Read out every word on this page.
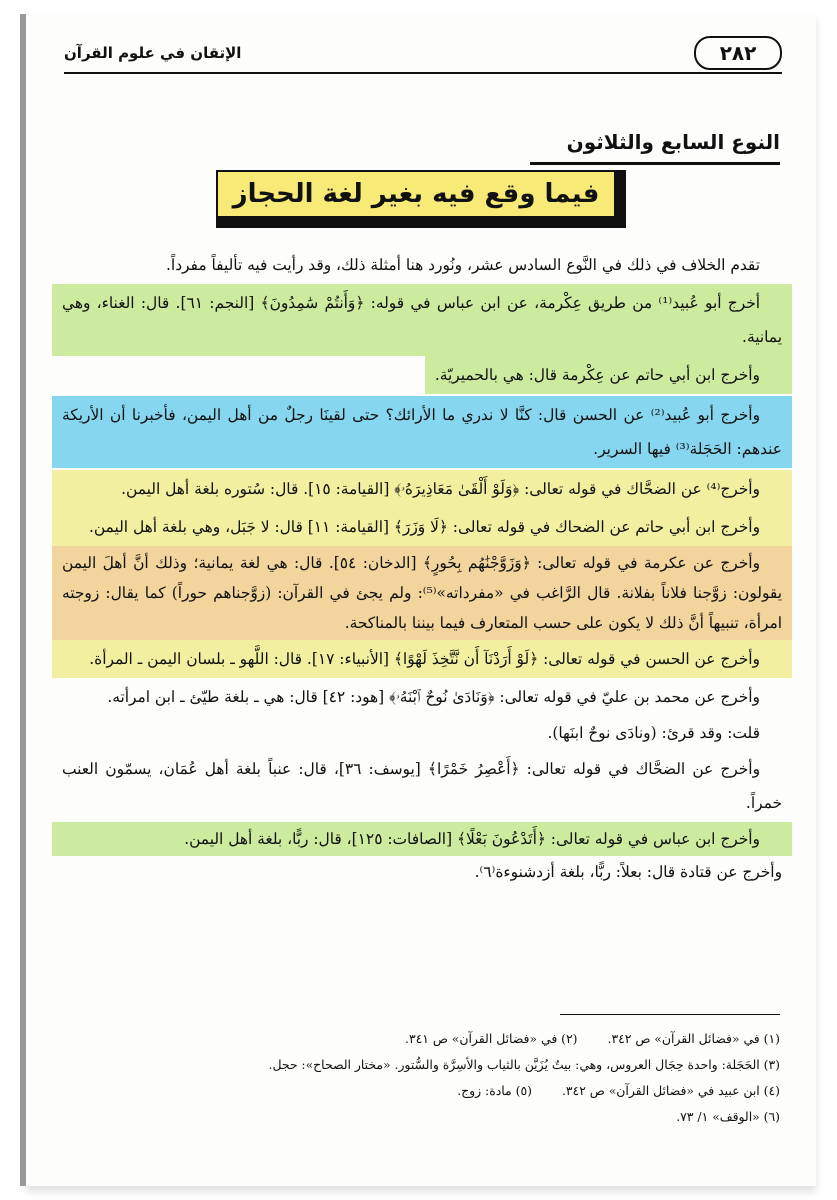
٢٨٢
الإتقان في علوم القرآن
النوع السابع والثلاثون
فيما وقع فيه بغير لغة الحجاز

تقدم الخلاف في ذلك في النَّوع السادس عشر، ونُورد هنا أمثلة ذلك، وقد رأيت فيه تأليفاً مفرداً.

أخرج أبو عُبيد⁽¹⁾ من طريق عِكْرمة، عن ابن عباس في قوله: ﴿وَأَنتُمْ سَٰمِدُونَ﴾ [النجم: ٦١]. قال: الغناء، وهي يمانية.

وأخرج ابن أبي حاتم عن عِكْرمة قال: هي بالحميريّة.

وأخرج أبو عُبيد⁽²⁾ عن الحسن قال: كنَّا لا ندري ما الأرائك؟ حتى لقينَا رجلٌ من أهل اليمن، فأخبرنا أن الأريكة عندهم: الحَجَلة⁽³⁾ فيها السرير.

وأخرج⁽⁴⁾ عن الضحَّاك في قوله تعالى: ﴿وَلَوْ أَلْقَىٰ مَعَاذِيرَهُۥ﴾ [القيامة: ١٥]. قال: سُتوره بلغة أهل اليمن.

وأخرج ابن أبي حاتم عن الضحاك في قوله تعالى: ﴿لَا وَزَرَ﴾ [القيامة: ١١] قال: لا جَبَل، وهي بلغة أهل اليمن.

وأخرج عن عكرمة في قوله تعالى: ﴿وَزَوَّجْنَٰهُم بِحُورٍ﴾ [الدخان: ٥٤]. قال: هي لغة يمانية؛ وذلك أنَّ أهلَ اليمن يقولون: زوَّجنا فلاناً بفلانة. قال الرَّاغب في «مفرداته»⁽⁵⁾: ولم يجئ في القرآن: (زوَّجناهم حوراً) كما يقال: زوجته امرأة، تنبيهاً أنَّ ذلك لا يكون على حسب المتعارف فيما بيننا بالمناكحة.

وأخرج عن الحسن في قوله تعالى: ﴿لَوْ أَرَدْنَآ أَن نَّتَّخِذَ لَهْوًا﴾ [الأنبياء: ١٧]. قال: اللَّهو ـ بلسان اليمن ـ المرأة.

وأخرج عن محمد بن عليّ في قوله تعالى: ﴿وَنَادَىٰ نُوحٌ ٱبْنَهُۥ﴾ [هود: ٤٢] قال: هي ـ بلغة طيّئ ـ ابن امرأته.

قلت: وقد قرئ: (ونادَى نوحٌ ابنَها).

وأخرج عن الضحَّاك في قوله تعالى: ﴿أَعْصِرُ خَمْرًا﴾ [يوسف: ٣٦]، قال: عنباً بلغة أهل عُمَان، يسمّون العنب خمراً.

وأخرج ابن عباس في قوله تعالى: ﴿أَتَدْعُونَ بَعْلًا﴾ [الصافات: ١٢٥]، قال: ربًّا، بلغة أهل اليمن.

وأخرج عن قتادة قال: بعلاً: ربًّا، بلغة أزدشنوءة⁽٦⁾.

(١) في «فضائل القرآن» ص ٣٤٢.
(٢) في «فضائل القرآن» ص ٣٤١.
(٣) الحَجَلة: واحدة حِجَال العروس، وهي: بيتٌ يُزَيَّن بالثياب والأسِرَّة والسُّتور. «مختار الصحاح»: حجل.
(٤) ابن عبيد في «فضائل القرآن» ص ٣٤٢.
(٥) مادة: زوج.
(٦) «الوقف» ١/ ٧٣.
